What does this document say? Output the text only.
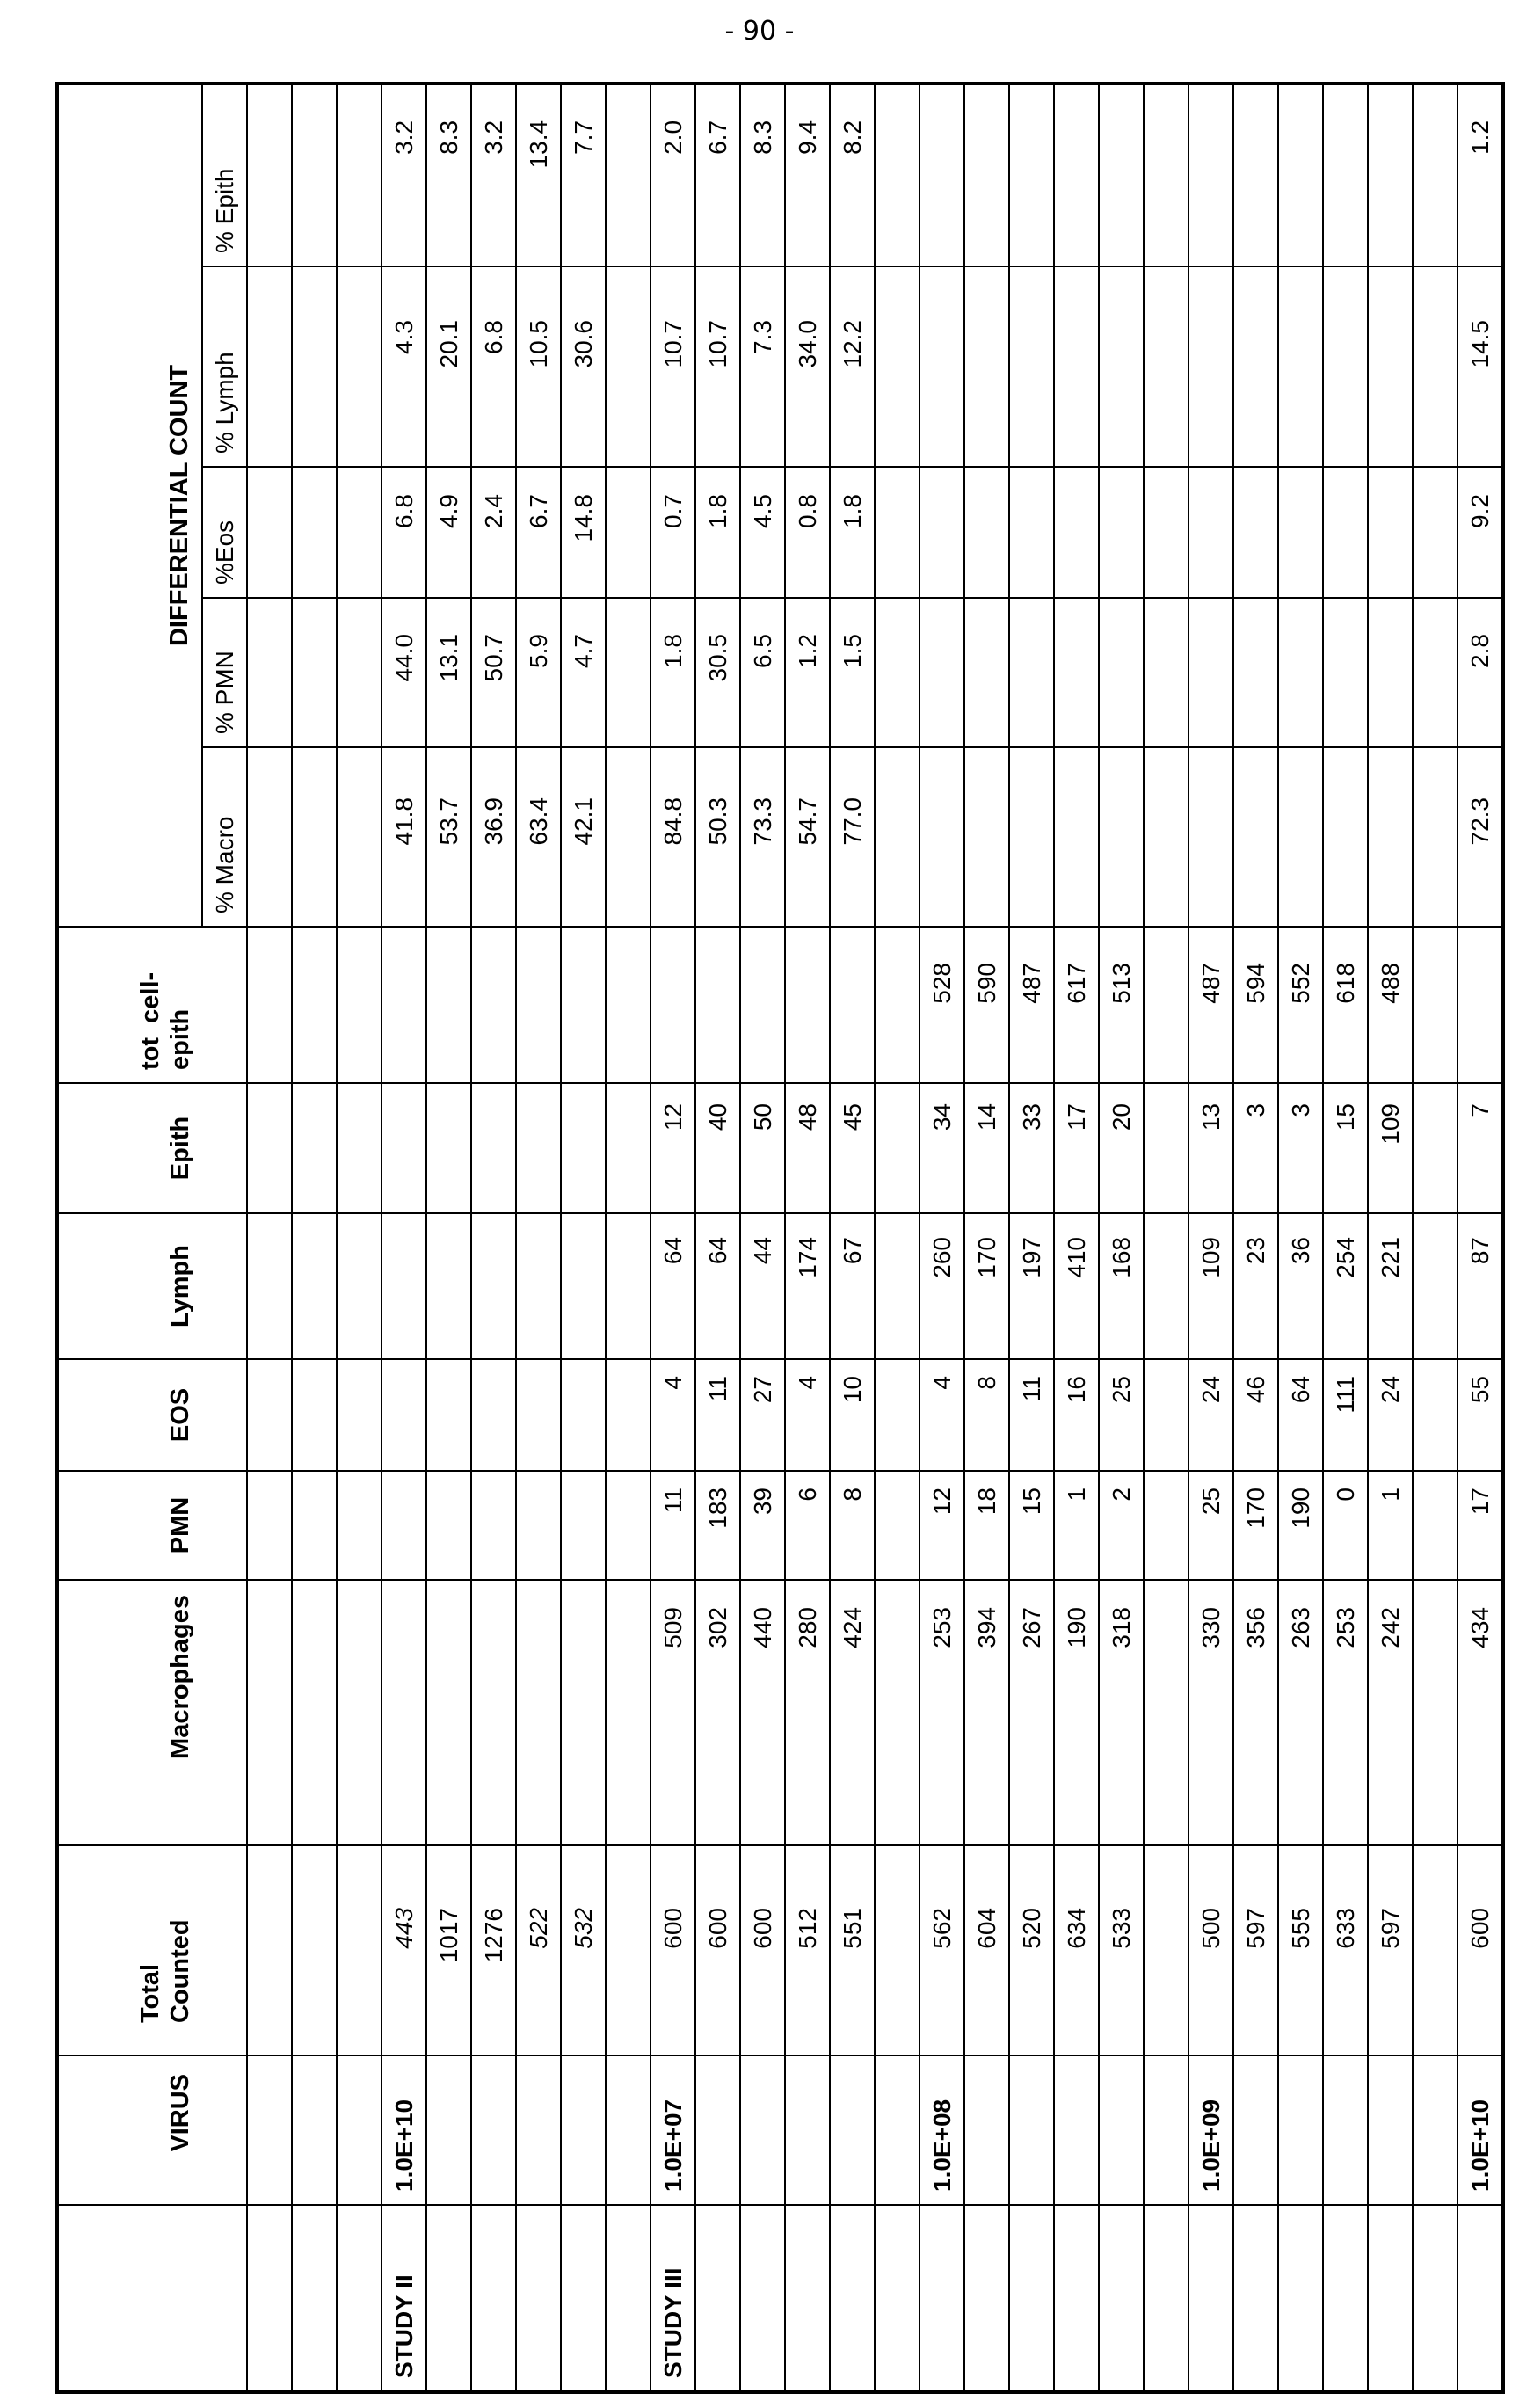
- 90 -
	VIRUS	
Total Counted
	Macrophages	PMN	EOS	Lymph	Epith	
tot  cell- epith
	DIFFERENTIAL COUNT
									% Macro	% PMN	%Eos	% Lymph	% Epith

STUDY II	1.0E+10	443							41.8	44.0	6.8	4.3	3.2
		1017							53.7	13.1	4.9	20.1	8.3
		1276							36.9	50.7	2.4	6.8	3.2
		522							63.4	5.9	6.7	10.5	13.4
		532							42.1	4.7	14.8	30.6	7.7

STUDY III	1.0E+07	600	509	11	4	64	12		84.8	1.8	0.7	10.7	2.0
		600	302	183	11	64	40		50.3	30.5	1.8	10.7	6.7
		600	440	39	27	44	50		73.3	6.5	4.5	7.3	8.3
		512	280	6	4	174	48		54.7	1.2	0.8	34.0	9.4
		551	424	8	10	67	45		77.0	1.5	1.8	12.2	8.2

	1.0E+08	562	253	12	4	260	34	528					
		604	394	18	8	170	14	590					
		520	267	15	11	197	33	487					
		634	190	1	16	410	17	617					
		533	318	2	25	168	20	513					

	1.0E+09	500	330	25	24	109	13	487					
		597	356	170	46	23	3	594					
		555	263	190	64	36	3	552					
		633	253	0	111	254	15	618					
		597	242	1	24	221	109	488					

	1.0E+10	600	434	17	55	87	7		72.3	2.8	9.2	14.5	1.2
